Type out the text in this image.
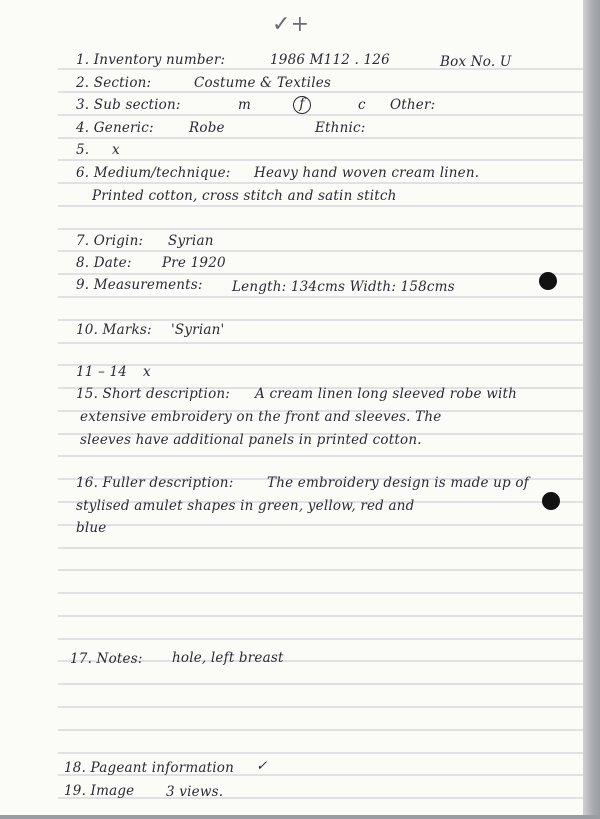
✓+
1. Inventory number:	1986 M112 . 126	Box No. U
2. Section:	Costume & Textiles
3. Sub section:	m	f	c Other:
4. Generic:	Robe	Ethnic:
5. x
6. Medium/technique: Heavy hand woven cream linen.
Printed cotton, cross stitch and satin stitch
7. Origin: Syrian
8. Date: Pre 1920
9. Measurements: Length: 134cms Width: 158cms
10. Marks: 'Syrian'
11 – 14 x
15. Short description: A cream linen long sleeved robe with
extensive embroidery on the front and sleeves. The
sleeves have additional panels in printed cotton.
16. Fuller description: The embroidery design is made up of
stylised amulet shapes in green, yellow, red and
blue
17. Notes: hole, left breast
18. Pageant information ✓
19. Image 3 views.
